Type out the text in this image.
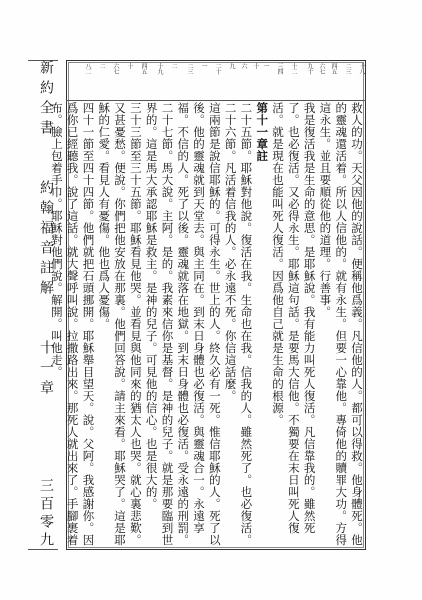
十八
二三
四五
六七
九十
十二
三四
一
十
六
九
二十
一
二三
二
十九
四五
十
六七
二
八二

救人的功。天父因他的說話。便稱他爲義。凡信他的人。都可以得救。他身體死。他的靈魂還活着。所以人信他的。就有永生。但要一心靠他。專倚他的贖罪大功。方得這永生。並且要順從他的道理。行善事。

我是復活我是生命的意思。是耶穌說。我有能力叫死人復活。凡信靠我的。雖然死了。也必復活。又必得永生。耶穌這句話。是要馬大信他。不獨要在末日叫死人復活。就是現在也能叫死人復活。因爲他自己就是生命的根源。

第十一章註

二十五節。耶穌對他說。復活在我。生命也在我。信我的人。雖然死了。也必復活。二十六節。凡活着信我的人。必永遠不死。你信這話麼。

這兩節是說信耶穌的。可得永生。世上的人。終久必有一死。惟信耶穌的人。死了以後。他的靈魂就到天堂去。與主同在。到末日身體也必復活。與靈魂合一。永遠享福。不信的人。死了以後。靈魂就落在地獄。到末日身體也必復活。受永遠的刑罰。

二十七節。馬大說。主阿。是的。我素來信你是基督。是神的兒子。就是那要臨到世界的。這是馬大承認耶穌是救主。是神的兒子。可見他的信心。也是很大的。

三十三節至三十五節。耶穌看見他哭。並看見與他同來的猶太人也哭。就心裏悲歎。又甚憂愁。便說。你們把他安放在那裏。他們回答說。請主來看。耶穌哭了。這是耶穌的仁愛。看見人有憂傷。他也爲人憂傷。

四十一節至四十四節。他們就把石頭挪開。耶穌舉目望天。說。父阿。我感謝你。因爲你已經聽我。說了這話。就大聲呼叫說。拉撒路出來。那死人就出來了。手腳裹着布。臉上包着手巾。耶穌對他們說。解開。叫他走。

新約全書 約翰福音註解 十一章
三百零九
